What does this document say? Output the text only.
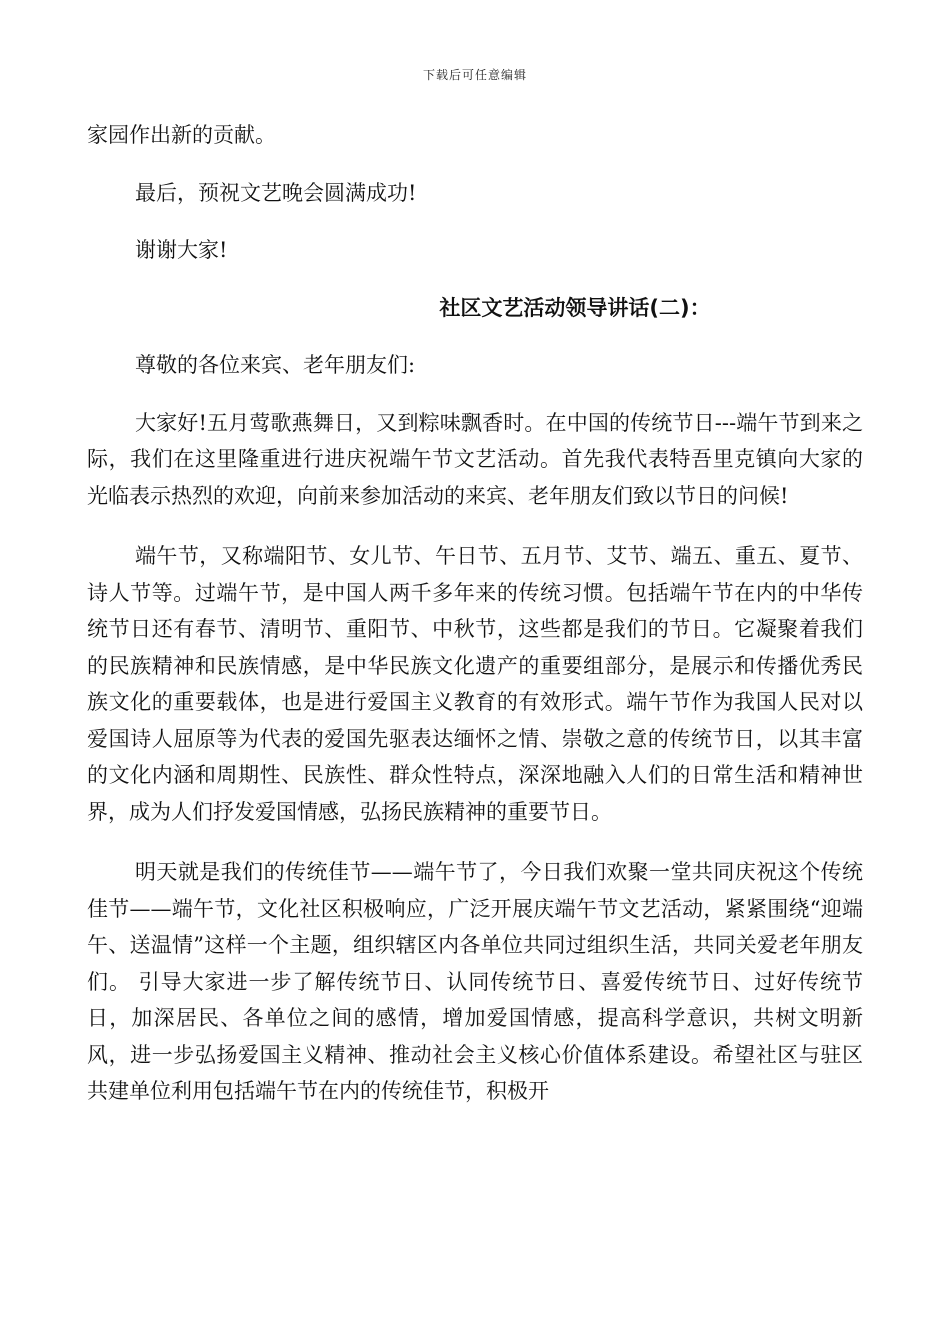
下载后可任意编辑

家园作出新的贡献。

最后，预祝文艺晚会圆满成功!

谢谢大家!

社区文艺活动领导讲话(二)：

尊敬的各位来宾、老年朋友们:

大家好!五月莺歌燕舞日，又到粽味飘香时。在中国的传统节日---端午节到来之际，我们在这里隆重进行进庆祝端午节文艺活动。首先我代表特吾里克镇向大家的光临表示热烈的欢迎，向前来参加活动的来宾、老年朋友们致以节日的问候!

端午节，又称端阳节、女儿节、午日节、五月节、艾节、端五、重五、夏节、诗人节等。过端午节，是中国人两千多年来的传统习惯。包括端午节在内的中华传统节日还有春节、清明节、重阳节、中秋节，这些都是我们的节日。它凝聚着我们的民族精神和民族情感，是中华民族文化遗产的重要组部分，是展示和传播优秀民族文化的重要载体，也是进行爱国主义教育的有效形式。端午节作为我国人民对以爱国诗人屈原等为代表的爱国先驱表达缅怀之情、崇敬之意的传统节日，以其丰富的文化内涵和周期性、民族性、群众性特点，深深地融入人们的日常生活和精神世界，成为人们抒发爱国情感，弘扬民族精神的重要节日。

明天就是我们的传统佳节——端午节了，今日我们欢聚一堂共同庆祝这个传统佳节——端午节，文化社区积极响应，广泛开展庆端午节文艺活动，紧紧围绕“迎端午、送温情”这样一个主题，组织辖区内各单位共同过组织生活，共同关爱老年朋友们。 引导大家进一步了解传统节日、认同传统节日、喜爱传统节日、过好传统节日，加深居民、各单位之间的感情，增加爱国情感，提高科学意识，共树文明新风，进一步弘扬爱国主义精神、推动社会主义核心价值体系建设。希望社区与驻区共建单位利用包括端午节在内的传统佳节，积极开
